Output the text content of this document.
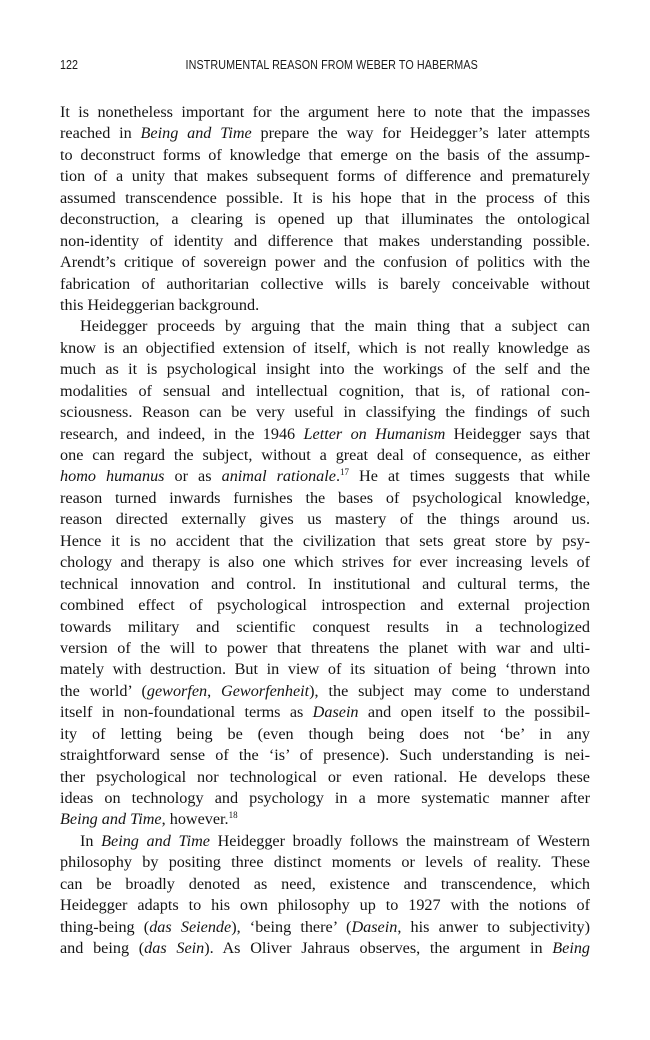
122	INSTRUMENTAL REASON FROM WEBER TO HABERMAS
It is nonetheless important for the argument here to note that the impasses
reached in Being and Time prepare the way for Heidegger’s later attempts
to deconstruct forms of knowledge that emerge on the basis of the assump-
tion of a unity that makes subsequent forms of difference and prematurely
assumed transcendence possible. It is his hope that in the process of this
deconstruction, a clearing is opened up that illuminates the ontological
non-identity of identity and difference that makes understanding possible.
Arendt’s critique of sovereign power and the confusion of politics with the
fabrication of authoritarian collective wills is barely conceivable without
this Heideggerian background.
Heidegger proceeds by arguing that the main thing that a subject can
know is an objectified extension of itself, which is not really knowledge as
much as it is psychological insight into the workings of the self and the
modalities of sensual and intellectual cognition, that is, of rational con-
sciousness. Reason can be very useful in classifying the findings of such
research, and indeed, in the 1946 Letter on Humanism Heidegger says that
one can regard the subject, without a great deal of consequence, as either
homo humanus or as animal rationale.$^{17}$ He at times suggests that while
reason turned inwards furnishes the bases of psychological knowledge,
reason directed externally gives us mastery of the things around us.
Hence it is no accident that the civilization that sets great store by psy-
chology and therapy is also one which strives for ever increasing levels of
technical innovation and control. In institutional and cultural terms, the
combined effect of psychological introspection and external projection
towards military and scientific conquest results in a technologized
version of the will to power that threatens the planet with war and ulti-
mately with destruction. But in view of its situation of being ‘thrown into
the world’ (geworfen, Geworfenheit), the subject may come to understand
itself in non-foundational terms as Dasein and open itself to the possibil-
ity of letting being be (even though being does not ‘be’ in any
straightforward sense of the ‘is’ of presence). Such understanding is nei-
ther psychological nor technological or even rational. He develops these
ideas on technology and psychology in a more systematic manner after
Being and Time, however.$^{18}$
In Being and Time Heidegger broadly follows the mainstream of Western
philosophy by positing three distinct moments or levels of reality. These
can be broadly denoted as need, existence and transcendence, which
Heidegger adapts to his own philosophy up to 1927 with the notions of
thing-being (das Seiende), ‘being there’ (Dasein, his anwer to subjectivity)
and being (das Sein). As Oliver Jahraus observes, the argument in Being
